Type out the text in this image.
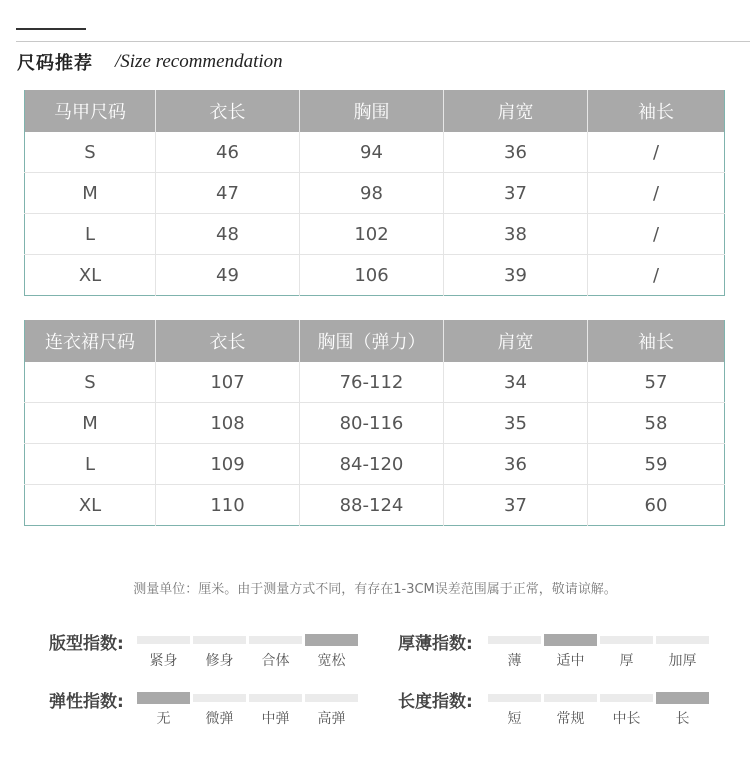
尺码推荐 /Size recommendation
马甲尺码	衣长	胸围	肩宽	袖长
S	46	94	36	/
M	47	98	37	/
L	48	102	38	/
XL	49	106	39	/
连衣裙尺码	衣长	胸围（弹力）	肩宽	袖长
S	107	76-112	34	57
M	108	80-116	35	58
L	109	84-120	36	59
XL	110	88-124	37	60
测量单位：厘米。由于测量方式不同，有存在1-3CM误差范围属于正常，敬请谅解。
版型指数:
紧身 修身 合体 宽松
厚薄指数:
薄	适中	厚	加厚
弹性指数:
无	微弹 中弹 高弹
长度指数:
短	常规 中长	长
